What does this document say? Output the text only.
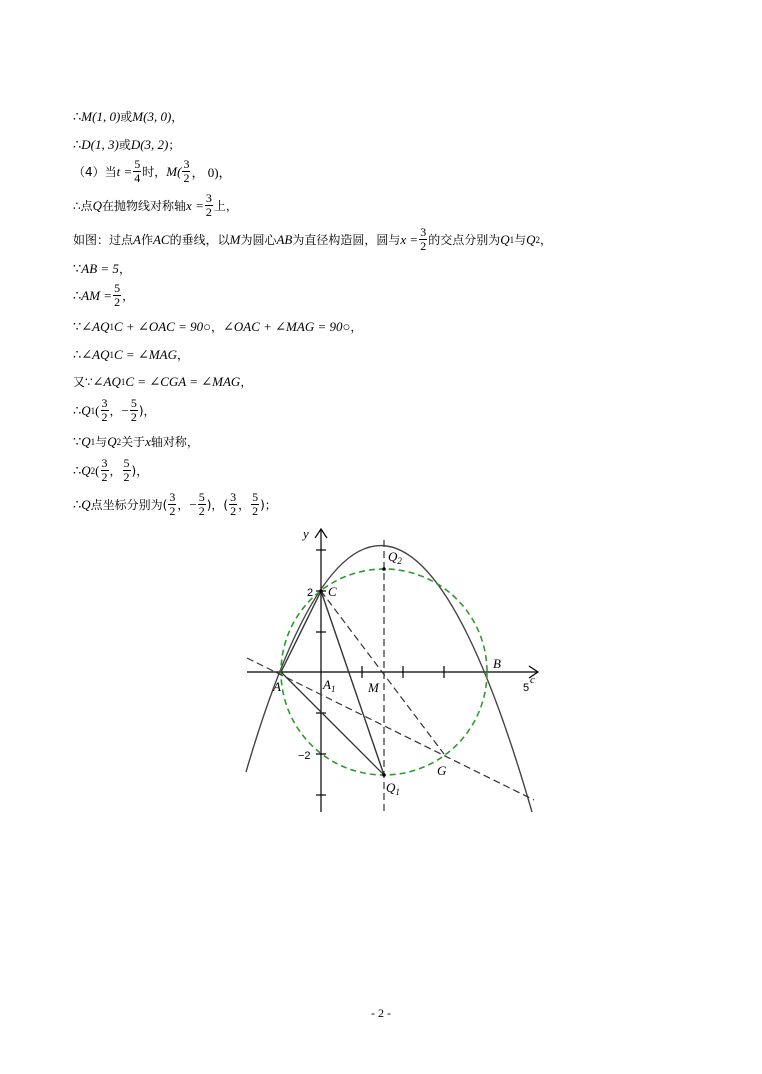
∴ M(1, 0) 或 M(3, 0) ，
∴ D(1, 3) 或 D(3, 2) ；
（4）当 $t = \frac{5}{4}$ 时， $M( \frac{3}{2}$ ， 0)，
∴点 Q 在抛物线对称轴 $x = \frac{3}{2}$ 上，
如图：过点 A 作 AC 的垂线，以 M 为圆心 AB 为直径构造圆，圆与 $x = \frac{3}{2}$ 的交点分别为 Q 1 与 Q 2 ，
∵ AB = 5 ，
∴ AM = $\frac{5}{2}$ ，
∵ ∠AQ 1 C + ∠OAC = 90○ ， ∠OAC + ∠MAG = 90○ ，
∴ ∠AQ 1 C = ∠MAG ，
又∵ ∠AQ 1 C = ∠CGA = ∠MAG ，
∴ Q 1 ( $\frac{3}{2}$ ， − $\frac{5}{2}$ )，
∵ Q 1 与 Q 2 关于 x 轴对称，
∴ Q 2 ( $\frac{3}{2}$ ， $\frac{5}{2}$ )，
∴ Q 点坐标分别为( $\frac{3}{2}$ ， − $\frac{5}{2}$ )，( $\frac{3}{2}$ ， $\frac{5}{2}$ )；
y
2
−2
5
c
C
A	$A_1$	M
B
$Q_2$
$Q_1$
G
- 2 -
